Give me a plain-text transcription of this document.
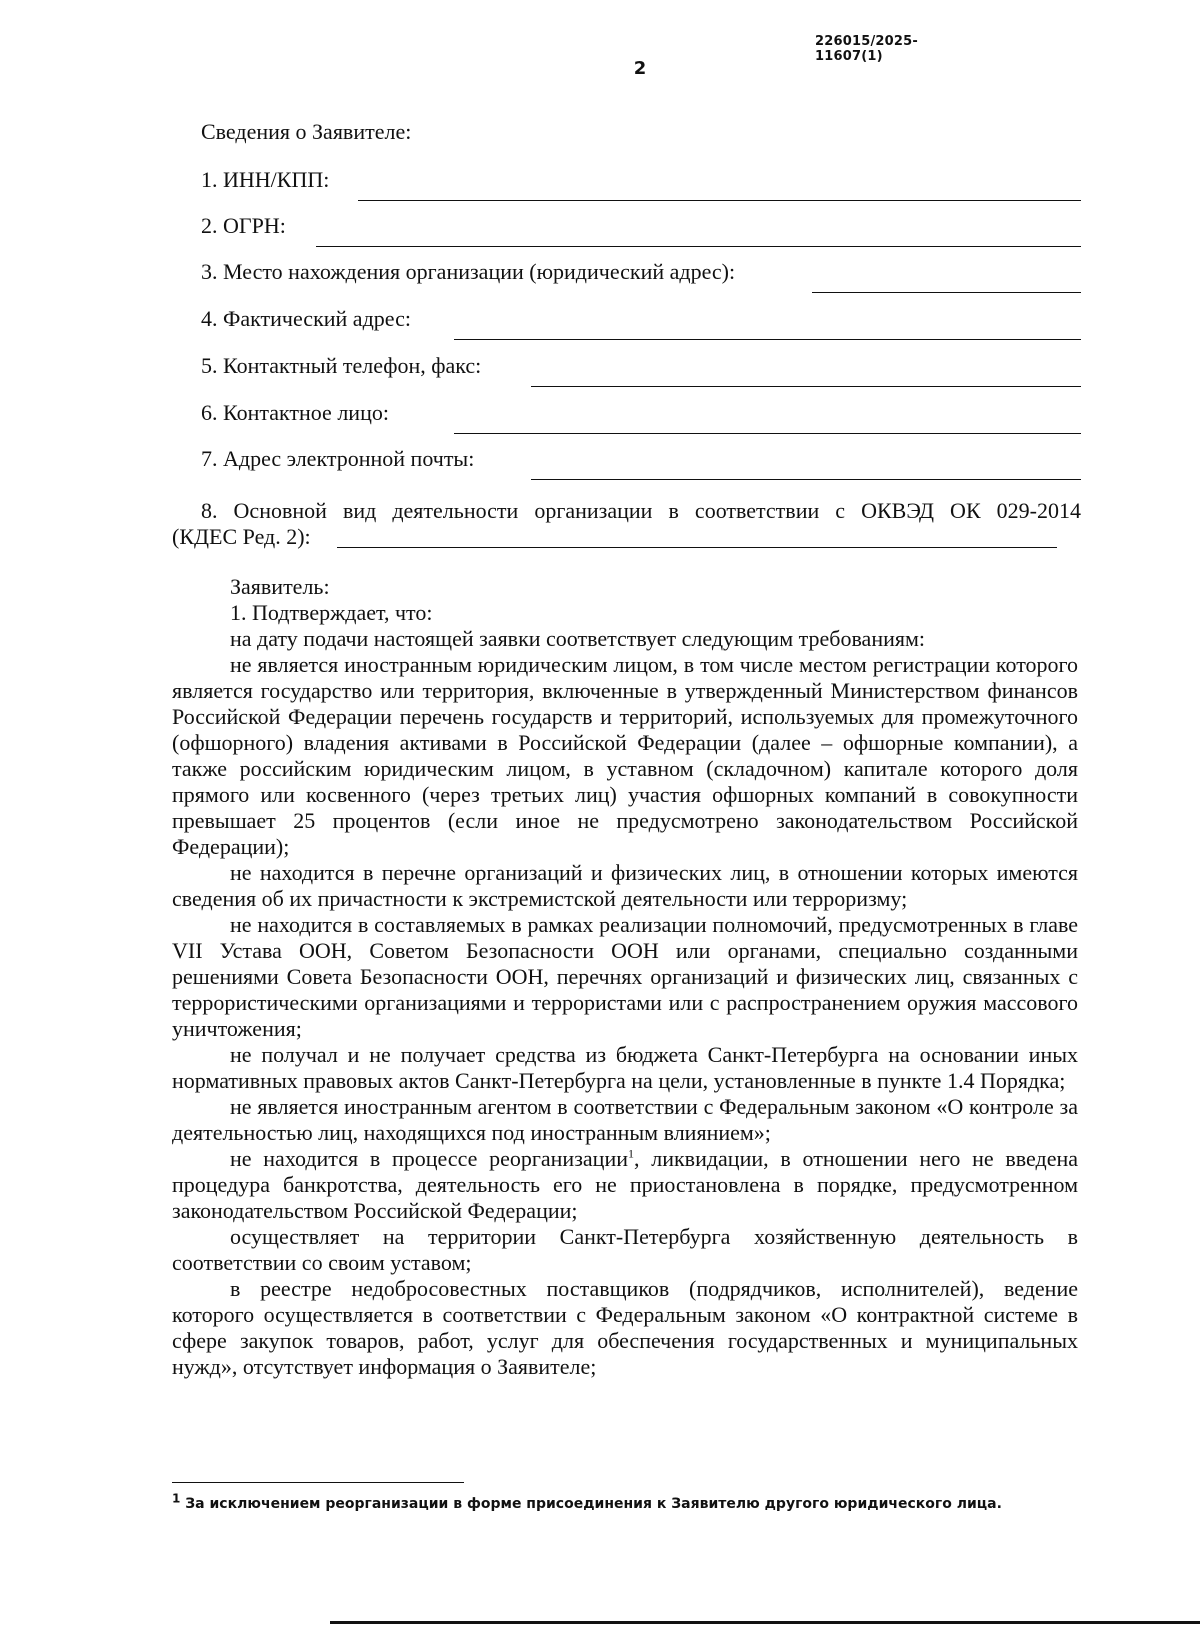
226015/2025-11607(1)
2
Сведения о Заявителе:
1. ИНН/КПП:
2. ОГРН:
3. Место нахождения организации (юридический адрес):
4. Фактический адрес:
5. Контактный телефон, факс:
6. Контактное лицо:
7. Адрес электронной почты:
8. Основной вид деятельности организации в соответствии с ОКВЭД ОК 029-2014
(КДЕС Ред. 2):

Заявитель:

1. Подтверждает, что:

на дату подачи настоящей заявки соответствует следующим требованиям:

не является иностранным юридическим лицом, в том числе местом регистрации которого является государство или территория, включенные в утвержденный Министерством финансов Российской Федерации перечень государств и территорий, используемых для промежуточного (офшорного) владения активами в Российской Федерации (далее – офшорные компании), а также российским юридическим лицом, в уставном (складочном) капитале которого доля прямого или косвенного (через третьих лиц) участия офшорных компаний в совокупности превышает 25 процентов (если иное не предусмотрено законодательством Российской Федерации);

не находится в перечне организаций и физических лиц, в отношении которых имеются сведения об их причастности к экстремистской деятельности или терроризму;

не находится в составляемых в рамках реализации полномочий, предусмотренных в главе VII Устава ООН, Советом Безопасности ООН или органами, специально созданными решениями Совета Безопасности ООН, перечнях организаций и физических лиц, связанных с террористическими организациями и террористами или с распространением оружия массового уничтожения;

не получал и не получает средства из бюджета Санкт-Петербурга на основании иных нормативных правовых актов Санкт-Петербурга на цели, установленные в пункте 1.4 Порядка;

не является иностранным агентом в соответствии с Федеральным законом «О контроле за деятельностью лиц, находящихся под иностранным влиянием»;

не находится в процессе реорганизации$^1$, ликвидации, в отношении него не введена процедура банкротства, деятельность его не приостановлена в порядке, предусмотренном законодательством Российской Федерации;

осуществляет на территории Санкт-Петербурга хозяйственную деятельность в соответствии со своим уставом;

в реестре недобросовестных поставщиков (подрядчиков, исполнителей), ведение которого осуществляется в соответствии с Федеральным законом «О контрактной системе в сфере закупок товаров, работ, услуг для обеспечения государственных и муниципальных нужд», отсутствует информация о Заявителе;

$^1$ За исключением реорганизации в форме присоединения к Заявителю другого юридического лица.
